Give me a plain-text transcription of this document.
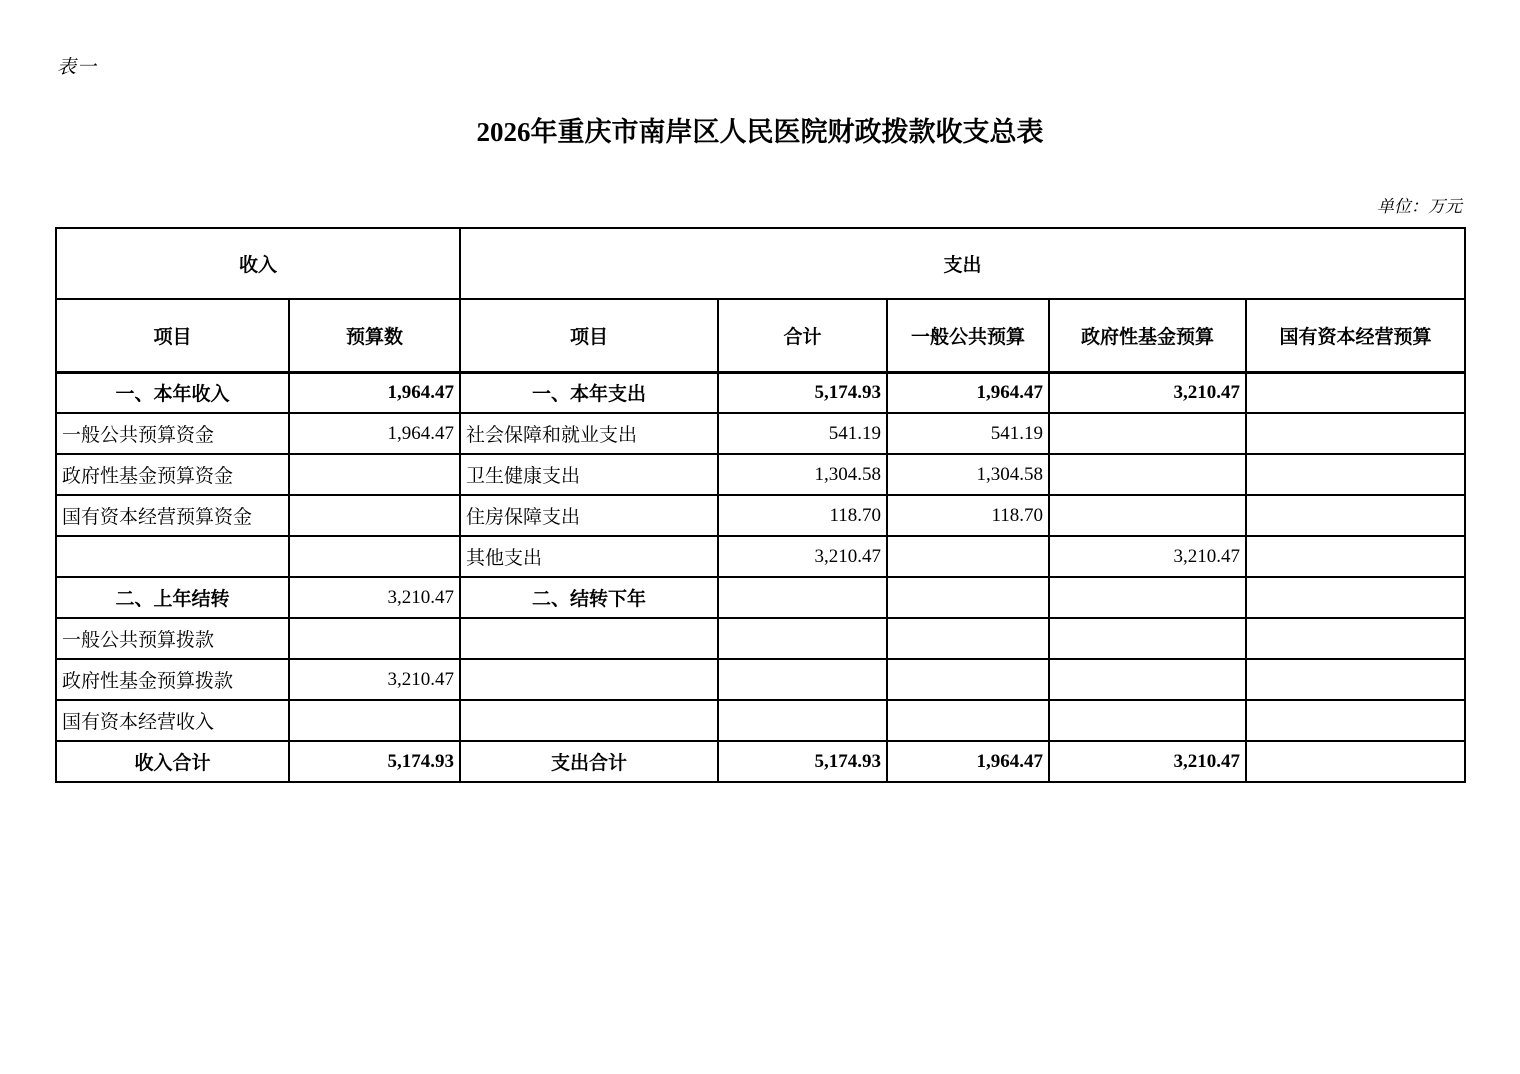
表一
2026年重庆市南岸区人民医院财政拨款收支总表
单位：万元
收入		支出				
项目	预算数	项目	合计	一般公共预算	政府性基金预算	国有资本经营预算
一、本年收入	1,964.47	一、本年支出	5,174.93	1,964.47	3,210.47	
一般公共预算资金	1,964.47	社会保障和就业支出	541.19	541.19		
政府性基金预算资金		卫生健康支出	1,304.58	1,304.58		
国有资本经营预算资金		住房保障支出	118.70	118.70		
		其他支出	3,210.47		3,210.47	
二、上年结转	3,210.47	二、结转下年				
一般公共预算拨款						
政府性基金预算拨款	3,210.47					
国有资本经营收入						
收入合计	5,174.93	支出合计	5,174.93	1,964.47	3,210.47	
